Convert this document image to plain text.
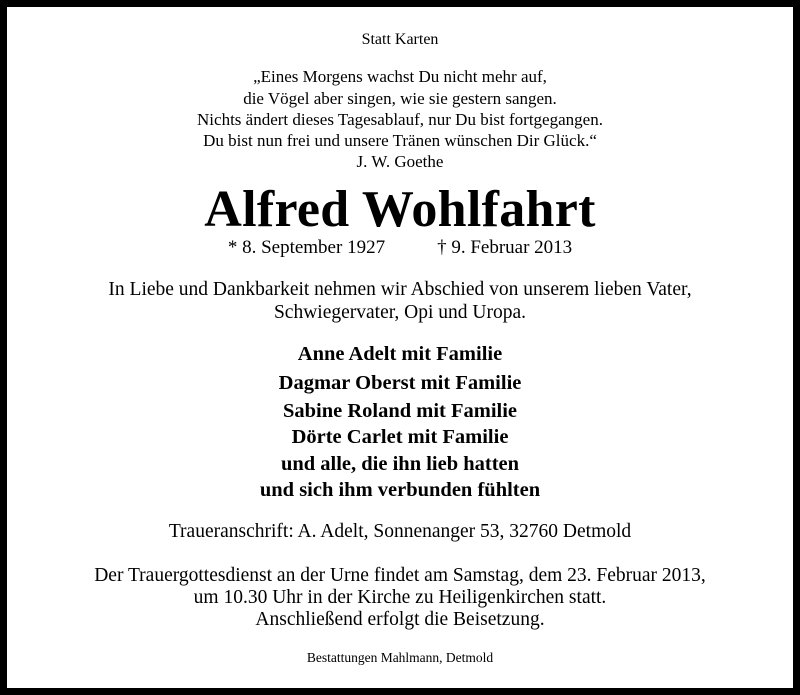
Statt Karten
„Eines Morgens wachst Du nicht mehr auf,
die Vögel aber singen, wie sie gestern sangen.
Nichts ändert dieses Tagesablauf, nur Du bist fortgegangen.
Du bist nun frei und unsere Tränen wünschen Dir Glück.“
J. W. Goethe
Alfred Wohlfahrt
* 8. September 1927	† 9. Februar 2013
In Liebe und Dankbarkeit nehmen wir Abschied von unserem lieben Vater,
Schwiegervater, Opi und Uropa.
Anne Adelt mit Familie
Dagmar Oberst mit Familie
Sabine Roland mit Familie
Dörte Carlet mit Familie
und alle, die ihn lieb hatten
und sich ihm verbunden fühlten
Traueranschrift: A. Adelt, Sonnenanger 53, 32760 Detmold
Der Trauergottesdienst an der Urne findet am Samstag, dem 23. Februar 2013,
um 10.30 Uhr in der Kirche zu Heiligenkirchen statt.
Anschließend erfolgt die Beisetzung.
Bestattungen Mahlmann, Detmold
